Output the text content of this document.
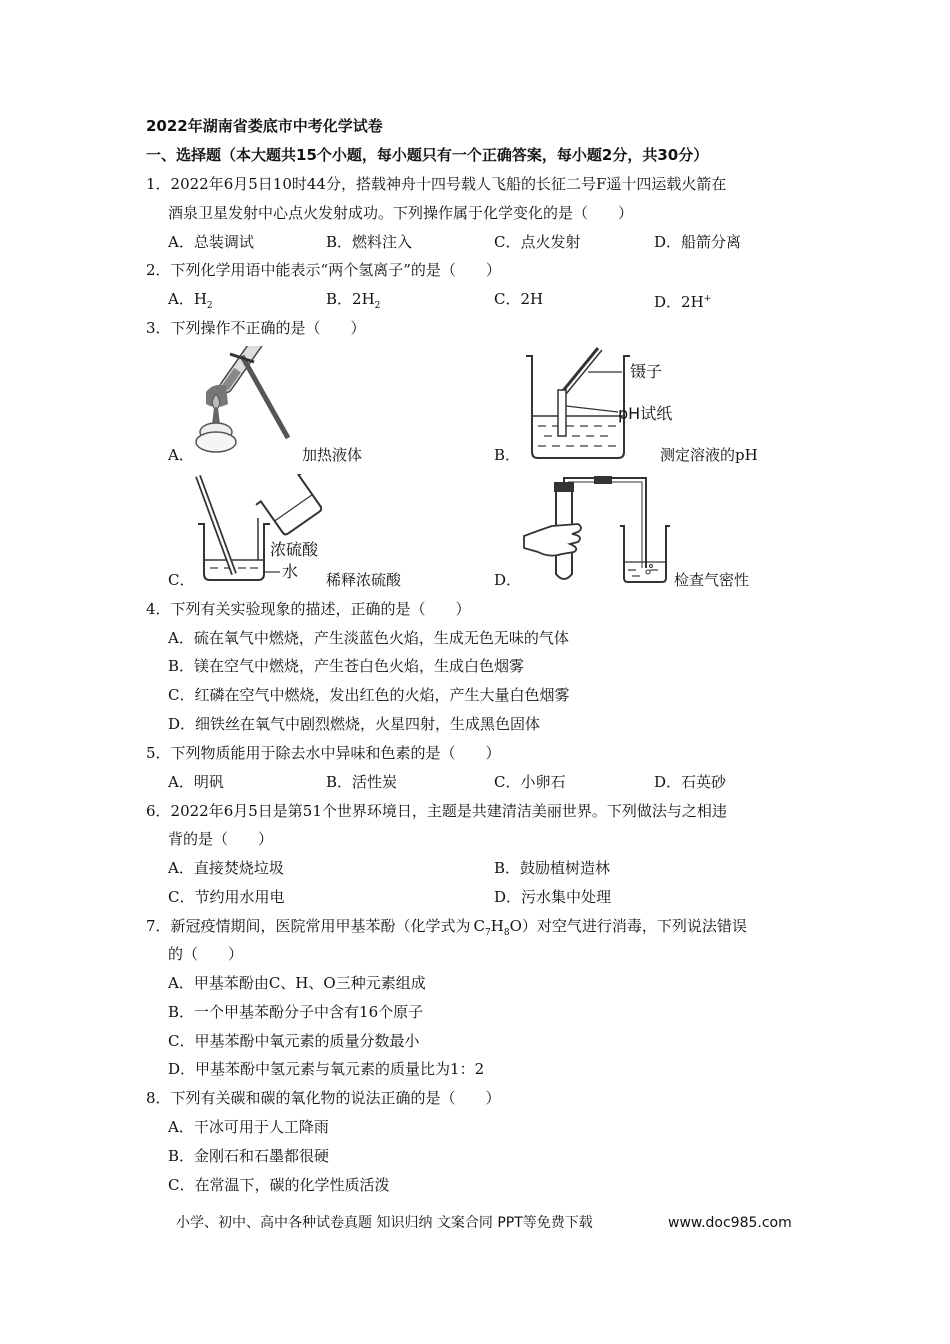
2022年湖南省娄底市中考化学试卷
一、选择题（本大题共15个小题，每小题只有一个正确答案，每小题2分，共30分）
1．2022年6月5日10时44分，搭载神舟十四号载人飞船的长征二号F遥十四运载火箭在
酒泉卫星发射中心点火发射成功。下列操作属于化学变化的是（　　）
A．总装调试	B．燃料注入	C．点火发射	D．船箭分离
2．下列化学用语中能表示“两个氢离子”的是（　　）
A．$H_2$	B．$2H_2$	C．2H	D．2H+
3．下列操作不正确的是（　　）
A．	加热液体
镊子
pH试纸
B．	测定溶液的pH
浓硫酸
水
C．	稀释浓硫酸	D．	检查气密性
4．下列有关实验现象的描述，正确的是（　　）
A．硫在氧气中燃烧，产生淡蓝色火焰，生成无色无味的气体
B．镁在空气中燃烧，产生苍白色火焰，生成白色烟雾
C．红磷在空气中燃烧，发出红色的火焰，产生大量白色烟雾
D．细铁丝在氧气中剧烈燃烧，火星四射，生成黑色固体
5．下列物质能用于除去水中异味和色素的是（　　）
A．明矾	B．活性炭	C．小卵石	D．石英砂
6．2022年6月5日是第51个世界环境日，主题是共建清洁美丽世界。下列做法与之相违
背的是（　　）
A．直接焚烧垃圾	B．鼓励植树造林
C．节约用水用电	D．污水集中处理
7．新冠疫情期间，医院常用甲基苯酚（化学式为  $C_7H_8O$）对空气进行消毒，下列说法错误
的（　　）
A．甲基苯酚由C、H、O三种元素组成
B．一个甲基苯酚分子中含有16个原子
C．甲基苯酚中氧元素的质量分数最小
D．甲基苯酚中氢元素与氧元素的质量比为1：2
8．下列有关碳和碳的氧化物的说法正确的是（　　）
A．干冰可用于人工降雨
B．金刚石和石墨都很硬
C．在常温下，碳的化学性质活泼
小学、初中、高中各种试卷真题 知识归纳 文案合同 PPT等免费下载	www.doc985.com
